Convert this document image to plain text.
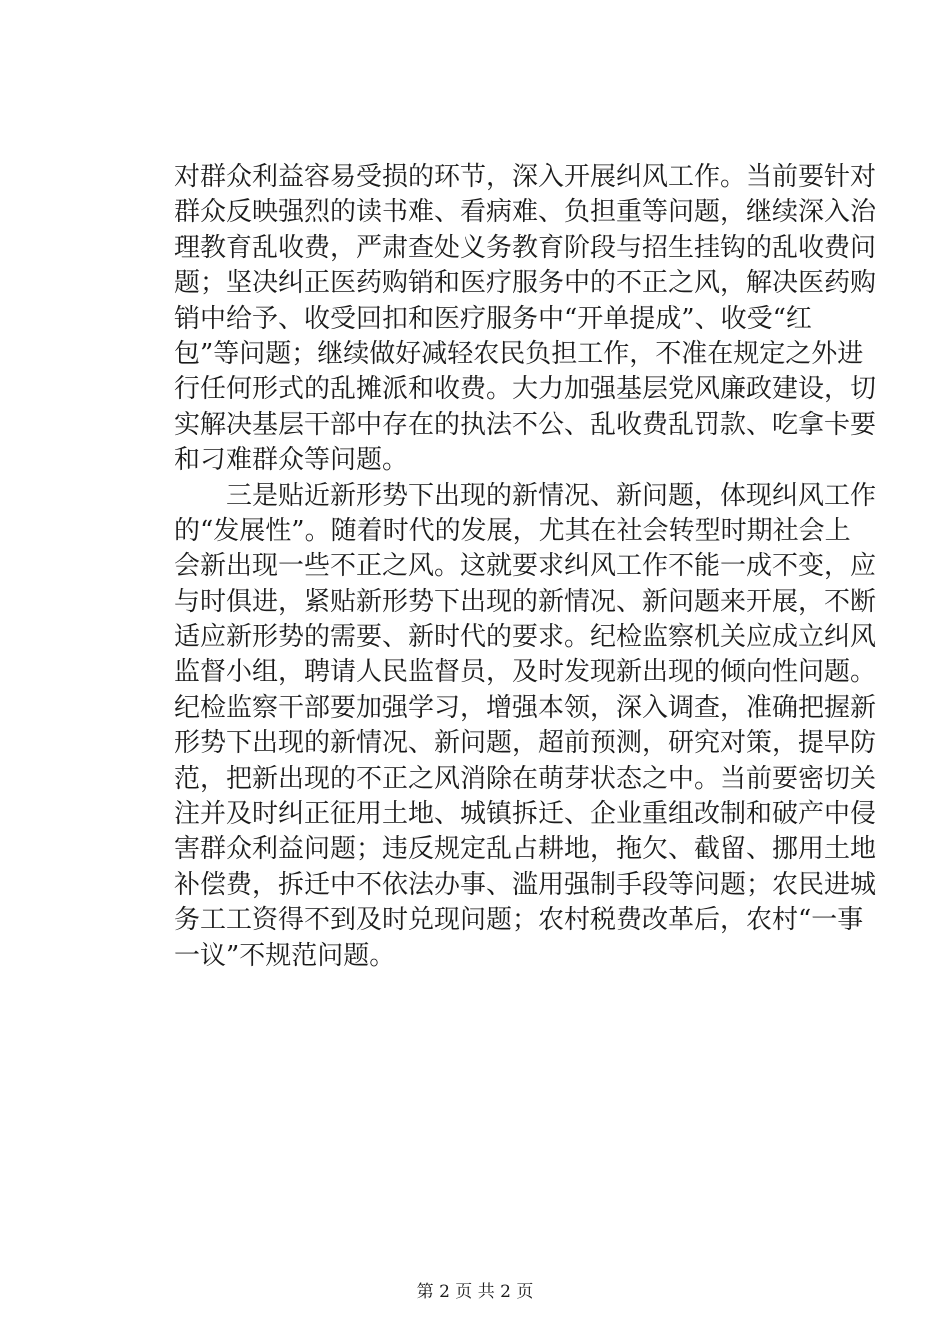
对群众利益容易受损的环节，深入开展纠风工作。当前要针对
群众反映强烈的读书难、看病难、负担重等问题，继续深入治
理教育乱收费，严肃查处义务教育阶段与招生挂钩的乱收费问
题；坚决纠正医药购销和医疗服务中的不正之风，解决医药购
销中给予、收受回扣和医疗服务中“开单提成”、收受“红
包”等问题；继续做好减轻农民负担工作，不准在规定之外进
行任何形式的乱摊派和收费。大力加强基层党风廉政建设，切
实解决基层干部中存在的执法不公、乱收费乱罚款、吃拿卡要
和刁难群众等问题。
三是贴近新形势下出现的新情况、新问题，体现纠风工作
的“发展性”。随着时代的发展，尤其在社会转型时期社会上
会新出现一些不正之风。这就要求纠风工作不能一成不变，应
与时俱进，紧贴新形势下出现的新情况、新问题来开展，不断
适应新形势的需要、新时代的要求。纪检监察机关应成立纠风
监督小组，聘请人民监督员，及时发现新出现的倾向性问题。
纪检监察干部要加强学习，增强本领，深入调查，准确把握新
形势下出现的新情况、新问题，超前预测，研究对策，提早防
范，把新出现的不正之风消除在萌芽状态之中。当前要密切关
注并及时纠正征用土地、城镇拆迁、企业重组改制和破产中侵
害群众利益问题；违反规定乱占耕地，拖欠、截留、挪用土地
补偿费，拆迁中不依法办事、滥用强制手段等问题；农民进城
务工工资得不到及时兑现问题；农村税费改革后，农村“一事
一议”不规范问题。
第 2 页 共 2 页
